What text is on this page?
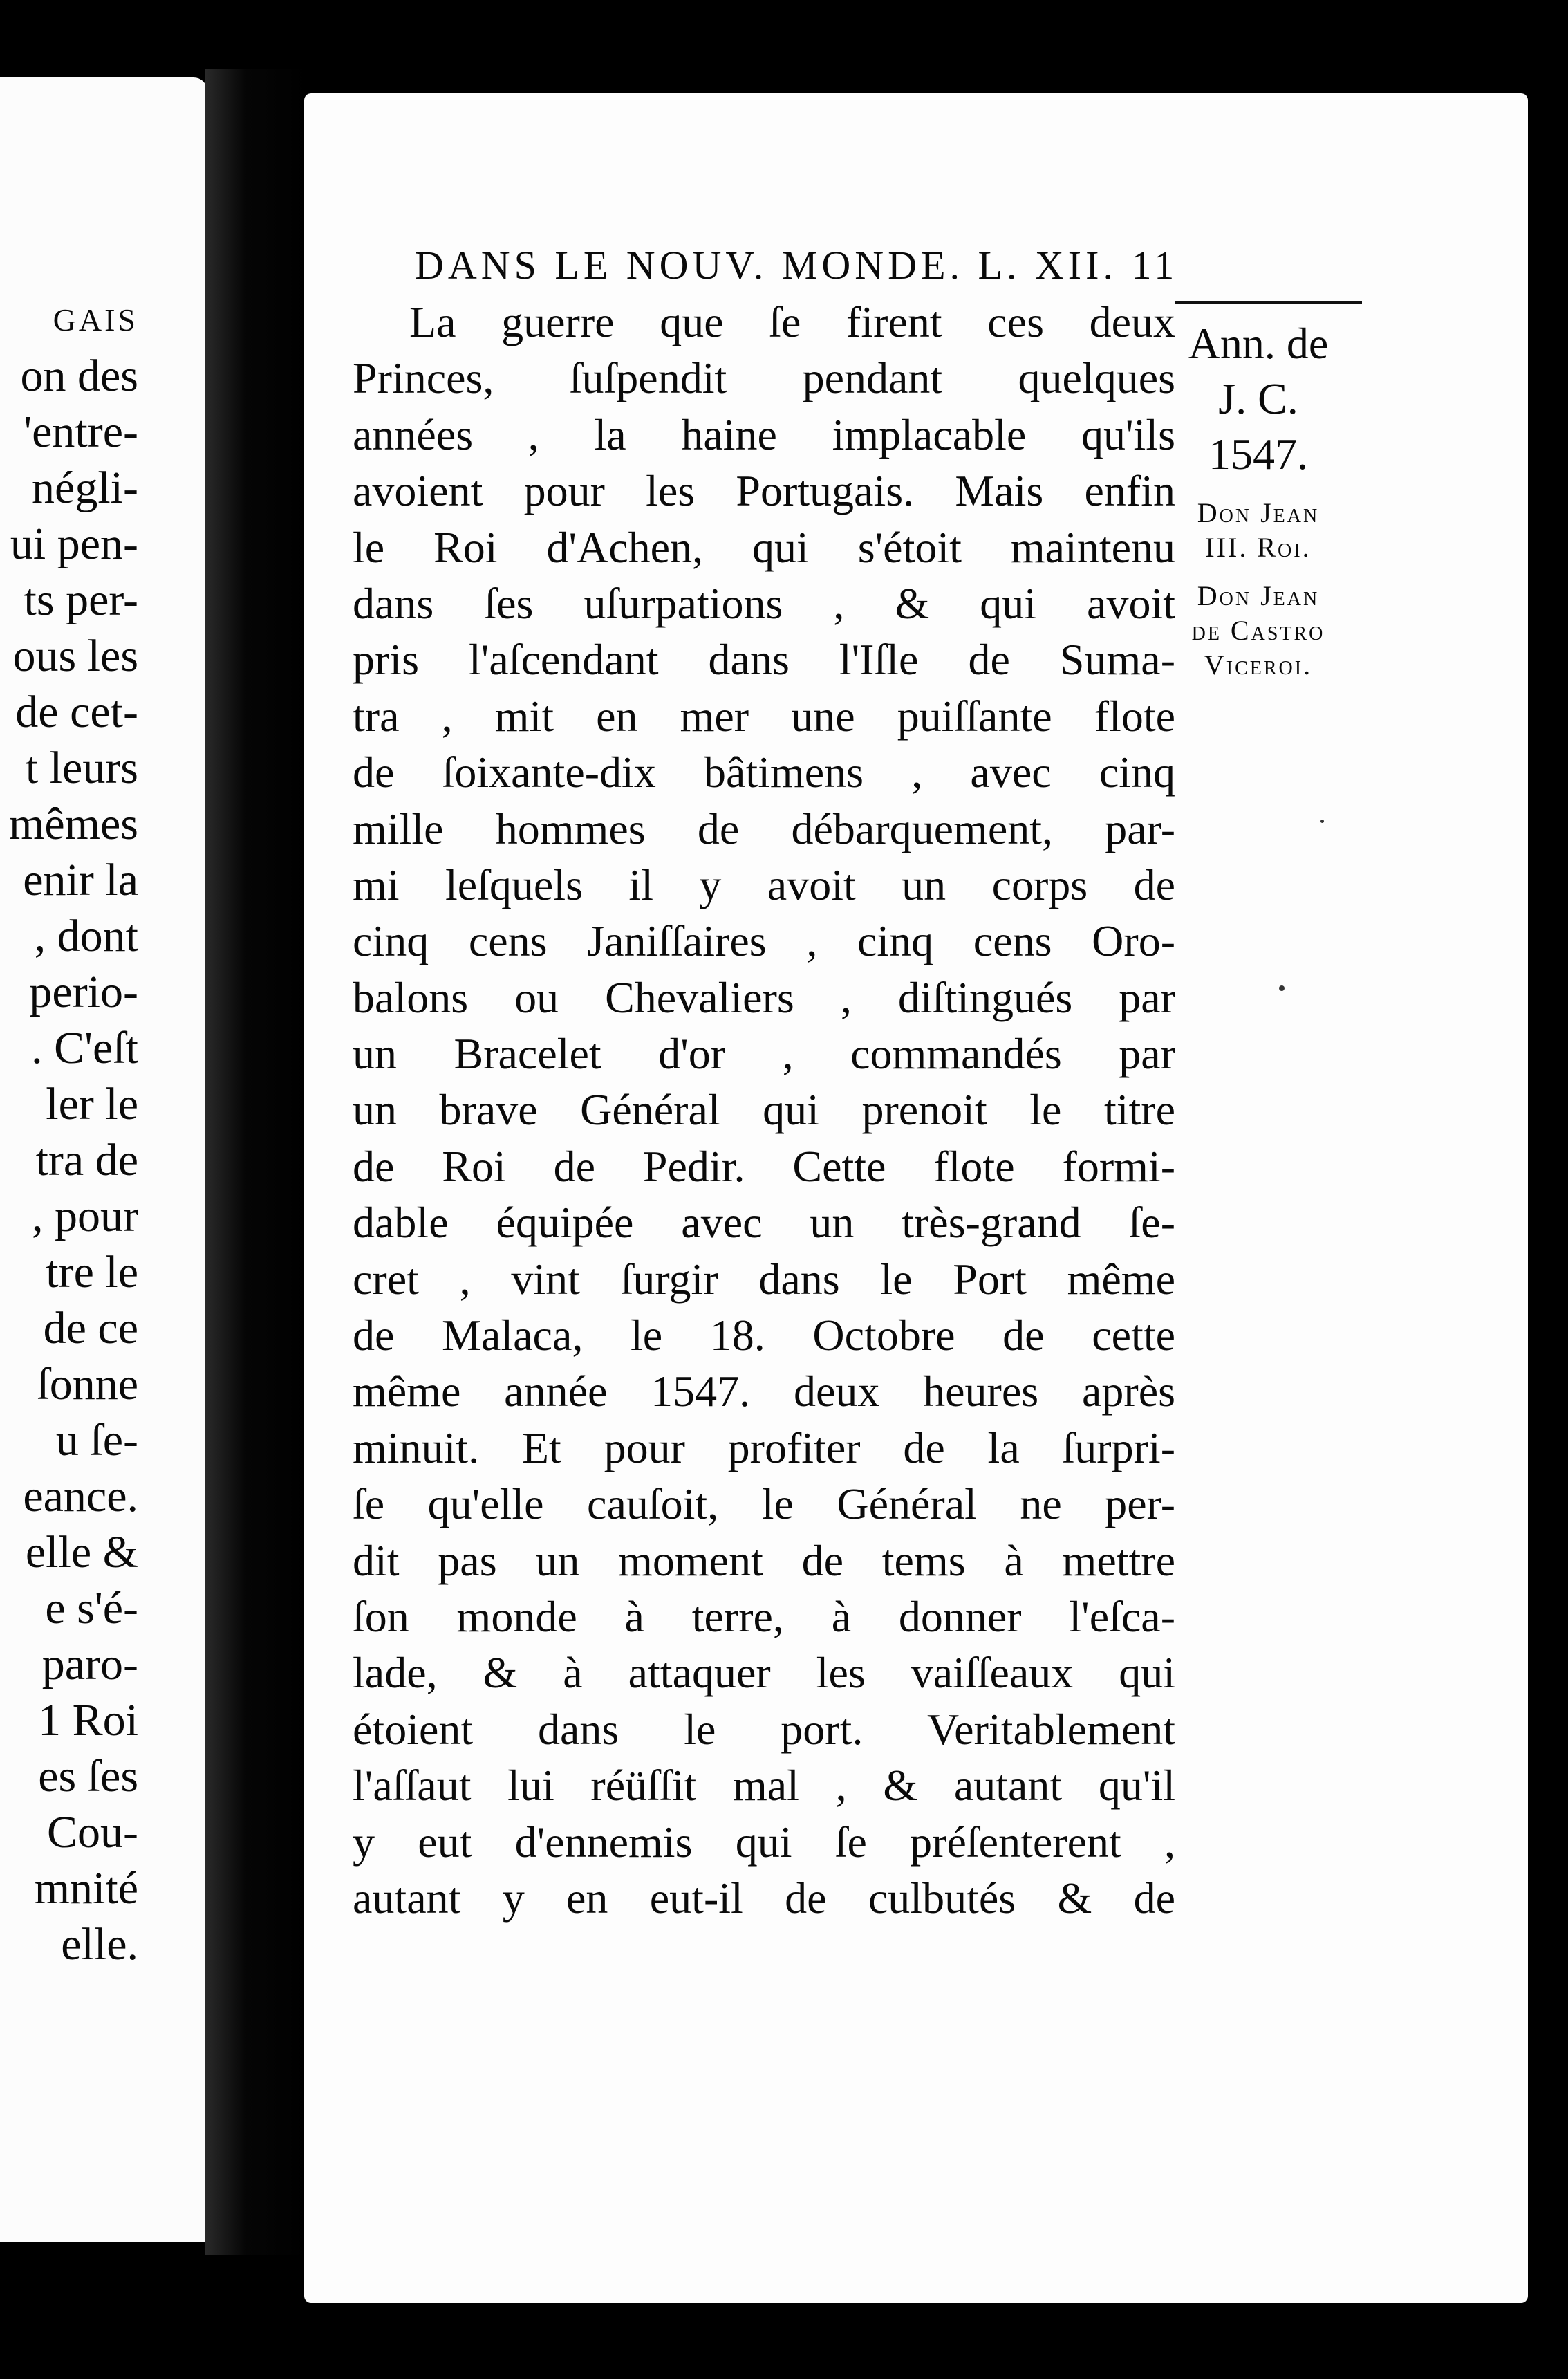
GAIS
on des
'entre-
négli-
ui pen-
ts per-
ous les
de cet-
t leurs
mêmes
enir la
, dont
perio-
. C'eſt
ler le
tra de
, pour
tre le
de ce
ſonne
u ſe-
eance.
elle &
e s'é-
paro-
1 Roi
es ſes
Cou-
mnité
elle.
DANS LE NOUV. MONDE. L. XII. 11
La guerre que ſe firent ces deux
Princes, ſuſpendit pendant quelques
années , la haine implacable qu'ils
avoient pour les Portugais. Mais enfin
le Roi d'Achen, qui s'étoit maintenu
dans ſes uſurpations , & qui avoit
pris l'aſcendant dans l'Iſle de Suma-
tra , mit en mer une puiſſante flote
de ſoixante-dix bâtimens , avec cinq
mille hommes de débarquement, par-
mi leſquels il y avoit un corps de
cinq cens Janiſſaires , cinq cens Oro-
balons ou Chevaliers , diſtingués par
un Bracelet d'or , commandés par
un brave Général qui prenoit le titre
de Roi de Pedir. Cette flote formi-
dable équipée avec un très-grand ſe-
cret , vint ſurgir dans le Port même
de Malaca, le 18. Octobre de cette
même année 1547. deux heures après
minuit. Et pour profiter de la ſurpri-
ſe qu'elle cauſoit, le Général ne per-
dit pas un moment de tems à mettre
ſon monde à terre, à donner l'eſca-
lade, & à attaquer les vaiſſeaux qui
étoient dans le port. Veritablement
l'aſſaut lui réüſſit mal , & autant qu'il
y eut d'ennemis qui ſe préſenterent ,
autant y en eut-il de culbutés & de
Ann. de
J. C.
1547.
Don Jean
III. Roi.
Don Jean
de Castro
Viceroi.
